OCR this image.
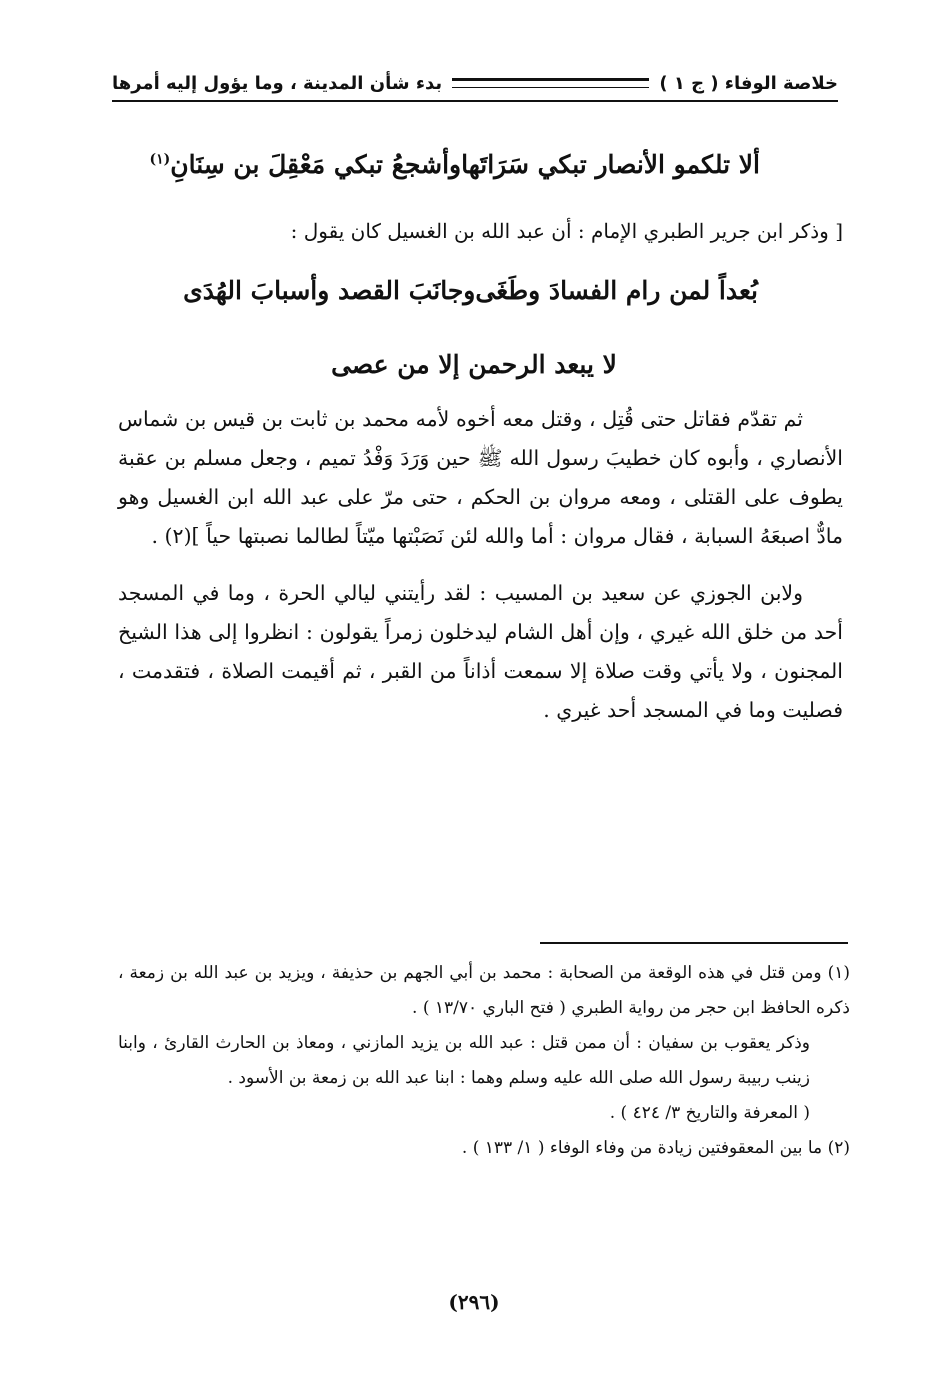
خلاصة الوفاء ( ج ١ )
بدء شأن المدينة ، وما يؤول إليه أمرها
ألا تلكمو الأنصار تبكي سَرَاتَها
وأشجعُ تبكي مَعْقِلَ بن سِنَانِ$^{(١)}$

[ وذكر ابن جرير الطبري الإمام : أن عبد الله بن الغسيل كان يقول :

بُعداً لمن رام الفسادَ وطَغَى
وجانَبَ القصد وأسبابَ الهُدَى
لا يبعد الرحمن إلا من عصى

ثم تقدّم فقاتل حتى قُتِل ، وقتل معه أخوه لأمه محمد بن ثابت بن قيس بن شماس الأنصاري ، وأبوه كان خطيبَ رسول الله ﷺ حين وَرَدَ وَفْدُ تميم ، وجعل مسلم بن عقبة يطوف على القتلى ، ومعه مروان بن الحكم ، حتى مرّ على عبد الله ابن الغسيل وهو مادٌّ اصبعَهُ السبابة ، فقال مروان : أما والله لئن نَصَبْتها ميّتاً لطالما نصبتها حياً ](٢) .

ولابن الجوزي عن سعيد بن المسيب : لقد رأيتني ليالي الحرة ، وما في المسجد أحد من خلق الله غيري ، وإن أهل الشام ليدخلون زمراً يقولون : انظروا إلى هذا الشيخ المجنون ، ولا يأتي وقت صلاة إلا سمعت أذاناً من القبر ، ثم أقيمت الصلاة ، فتقدمت ، فصليت وما في المسجد أحد غيري .

(١) ومن قتل في هذه الوقعة من الصحابة : محمد بن أبي الجهم بن حذيفة ، ويزيد بن عبد الله بن زمعة ، ذكره الحافظ ابن حجر من رواية الطبري ( فتح الباري ١٣/٧٠ ) .

وذكر يعقوب بن سفيان : أن ممن قتل : عبد الله بن يزيد المازني ، ومعاذ بن الحارث القارئ ، وابنا زينب ربيبة رسول الله صلى الله عليه وسلم وهما : ابنا عبد الله بن زمعة بن الأسود .

( المعرفة والتاريخ ٣/ ٤٢٤ ) .

(٢) ما بين المعقوفتين زيادة من وفاء الوفاء ( ١/ ١٣٣ ) .

(٢٩٦)
